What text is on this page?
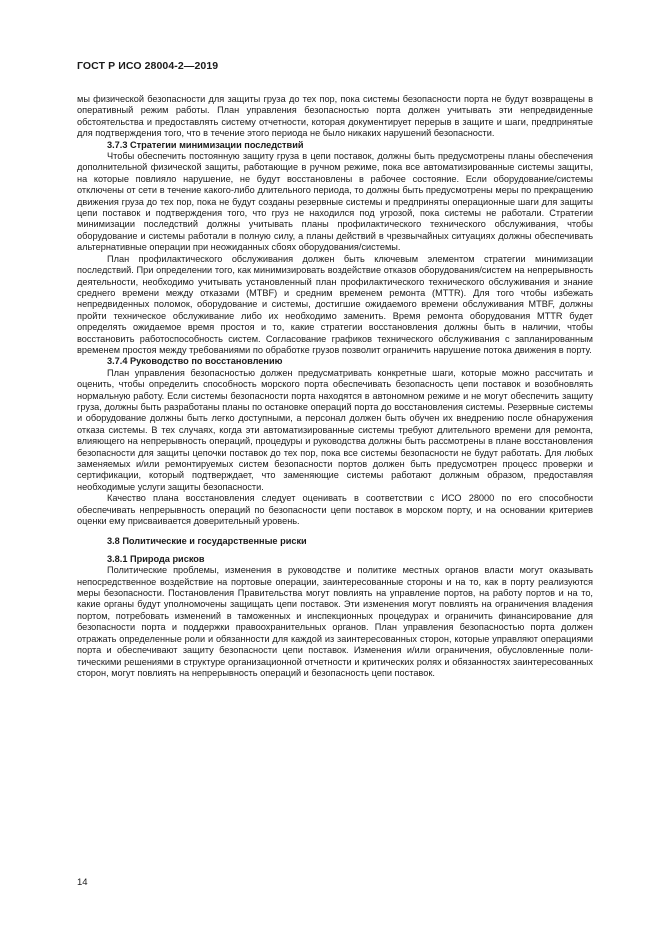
ГОСТ Р ИСО 28004-2—2019

мы физической безопасности для защиты груза до тех пор, пока системы безопасности порта не будут возвращены в оперативный режим работы. План управления безопасностью порта должен учитывать эти непредвиденные обстоятельства и предоставлять систему отчетности, которая документирует перерыв в защите и шаги, предпринятые для подтверждения того, что в течение этого периода не было никаких нарушений безопасности.

3.7.3 Стратегии минимизации последствий

Чтобы обеспечить постоянную защиту груза в цепи поставок, должны быть предусмотрены планы обеспечения дополнительной физической защиты, работающие в ручном режиме, пока все автоматизированные системы защиты, на которые повлияло нарушение, не будут восстановлены в рабочее состояние. Если оборудование/системы отключены от сети в течение какого-либо длительного периода, то должны быть предусмотрены меры по прекращению движения груза до тех пор, пока не будут созданы резервные системы и предприняты операционные шаги для защиты цепи поставок и подтверждения того, что груз не находился под угрозой, пока системы не работали. Стратегии минимизации последствий должны учитывать планы профилактического технического обслуживания, чтобы оборудование и системы работали в полную силу, а планы действий в чрезвычайных ситуациях должны обеспечивать альтернативные операции при неожиданных сбоях оборудования/системы.

План профилактического обслуживания должен быть ключевым элементом стратегии минимизации последствий. При определении того, как минимизировать воздействие отказов оборудования/систем на непрерывность деятельности, необходимо учитывать установленный план профилактического технического обслуживания и знание среднего времени между отказами (MTBF) и средним временем ремонта (MTTR). Для того чтобы избежать непредвиденных поломок, оборудование и системы, достигшие ожидаемого времени обслуживания MTBF, должны пройти техническое обслуживание либо их необходимо заменить. Время ремонта оборудования MTTR будет определять ожидаемое время простоя и то, какие стратегии восстановления должны быть в наличии, чтобы восстановить работоспособность систем. Согласование графиков технического обслуживания с запланированным временем простоя между требованиями по обработке грузов позволит ограничить нарушение потока движения в порту.

3.7.4 Руководство по восстановлению

План управления безопасностью должен предусматривать конкретные шаги, которые можно рассчитать и оценить, чтобы определить способность морского порта обеспечивать безопасность цепи поставок и возобновлять нормальную работу. Если системы безопасности порта находятся в автономном режиме и не могут обеспечить защиту груза, должны быть разработаны планы по остановке операций порта до восстановления системы. Резервные системы и оборудование должны быть легко доступными, а персонал должен быть обучен их внедрению после обнаружения отказа системы. В тех случаях, когда эти автоматизированные системы требуют длительного времени для ремонта, влияющего на непрерывность операций, процедуры и руководства должны быть рассмотрены в плане восстановления безопасности для защиты цепочки поставок до тех пор, пока все системы безопасности не будут работать. Для любых заменяемых и/или ремонтируемых систем безопасности портов должен быть предусмотрен процесс проверки и сертификации, который подтверждает, что заменяющие системы работают должным образом, предоставляя необходимые услуги защиты безопасности.

Качество плана восстановления следует оценивать в соответствии с ИСО 28000 по его способности обеспечивать непрерывность операций по безопасности цепи поставок в морском порту, и на основании критериев оценки ему присваивается доверительный уровень.

3.8 Политические и государственные риски

3.8.1 Природа рисков

Политические проблемы, изменения в руководстве и политике местных органов власти могут оказывать непосредственное воздействие на портовые операции, заинтересованные стороны и на то, как в порту реализуются меры безопасности. Постановления Правительства могут повлиять на управление портов, на работу портов и на то, какие органы будут уполномочены защищать цепи поставок. Эти изменения могут повлиять на ограничения владения портом, потребовать изменений в таможенных и инспекционных процедурах и ограничить финансирование для безопасности порта и поддержки правоохранительных органов. План управления безопасностью порта должен отражать определенные роли и обязанности для каждой из заинтересованных сторон, которые управляют операциями порта и обеспечивают защиту безопасности цепи поставок. Изменения и/или ограничения, обусловленные политическими решениями в структуре организационной отчетности и критических ролях и обязанностях заинтересованных сторон, могут повлиять на непрерывность операций и безопасность цепи поставок.

14
